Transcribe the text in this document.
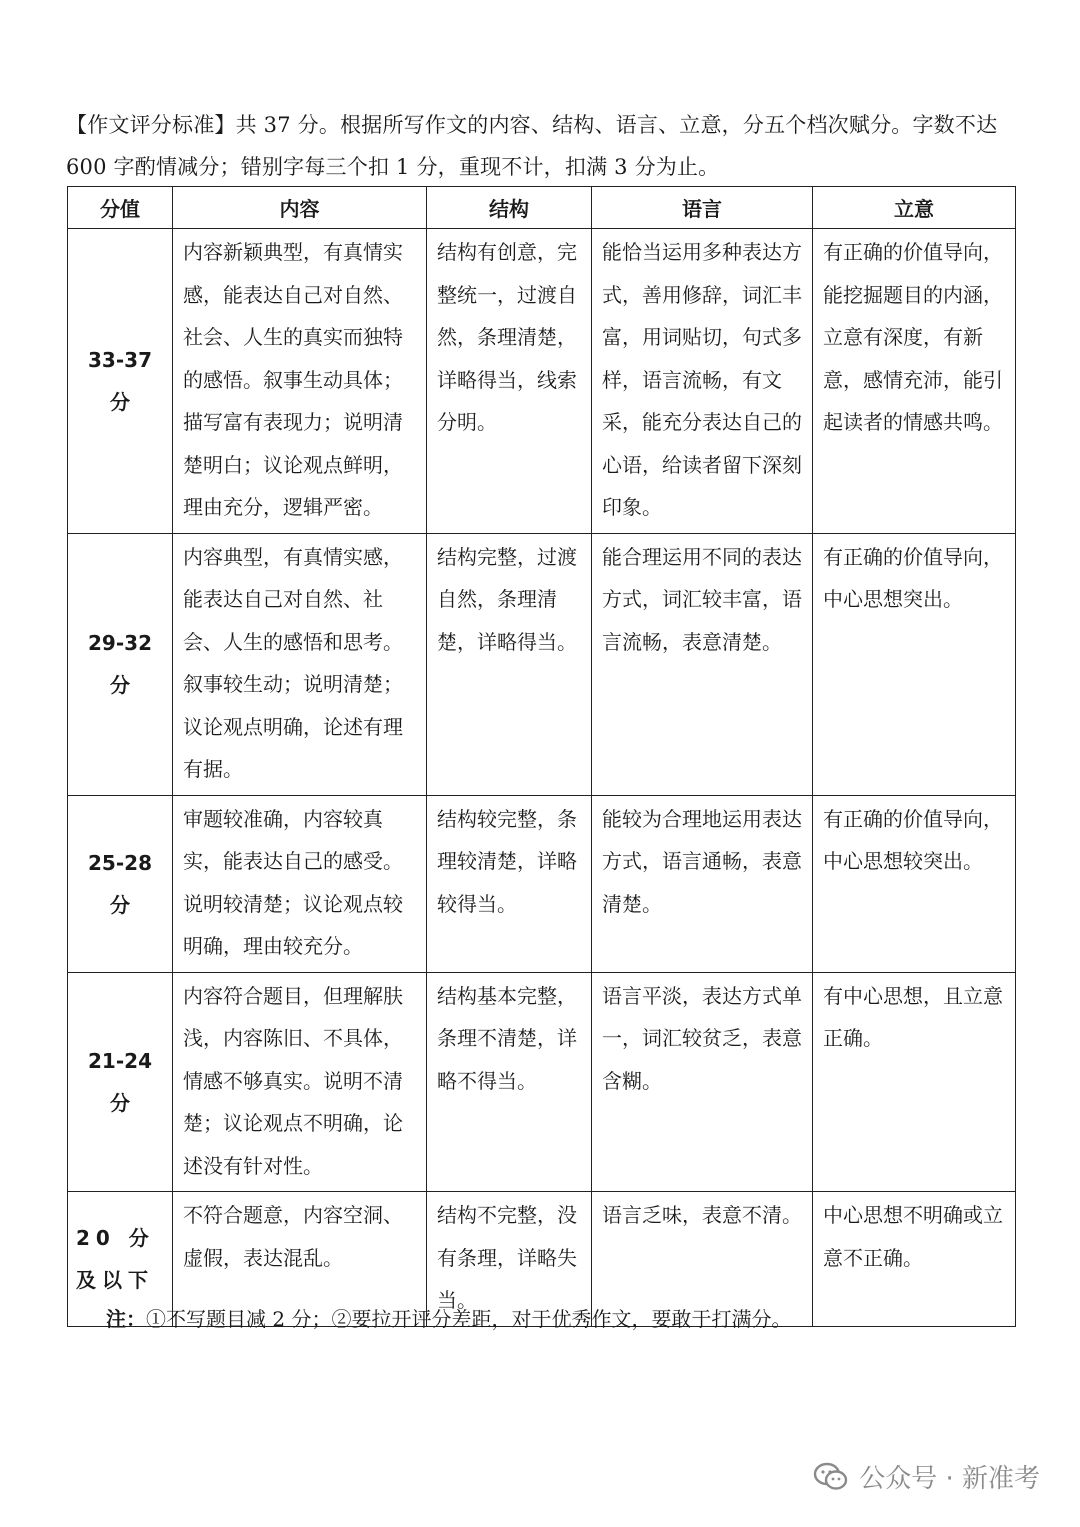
【作文评分标准】共 37 分。根据所写作文的内容、结构、语言、立意，分五个档次赋分。字数不达 600 字酌情减分；错别字每三个扣 1 分，重现不计，扣满 3 分为止。
分值	内容	结构	语言	立意
33-37 分	内容新颖典型，有真情实感，能表达自己对自然、社会、人生的真实而独特的感悟。叙事生动具体；描写富有表现力；说明清楚明白；议论观点鲜明，理由充分，逻辑严密。	结构有创意，完整统一，过渡自然，条理清楚，详略得当，线索分明。	能恰当运用多种表达方式，善用修辞，词汇丰富，用词贴切，句式多样，语言流畅，有文采，能充分表达自己的心语，给读者留下深刻印象。	有正确的价值导向，能挖掘题目的内涵，立意有深度，有新意，感情充沛，能引起读者的情感共鸣。
29-32 分	内容典型，有真情实感，能表达自己对自然、社会、人生的感悟和思考。叙事较生动；说明清楚；议论观点明确，论述有理有据。	结构完整，过渡自然，条理清楚，详略得当。	能合理运用不同的表达方式，词汇较丰富，语言流畅，表意清楚。	有正确的价值导向，中心思想突出。
25-28 分	审题较准确，内容较真实，能表达自己的感受。说明较清楚；议论观点较明确，理由较充分。	结构较完整，条理较清楚，详略较得当。	能较为合理地运用表达方式，语言通畅，表意清楚。	有正确的价值导向，中心思想较突出。
21-24 分	内容符合题目，但理解肤浅，内容陈旧、不具体，情感不够真实。说明不清楚；议论观点不明确，论述没有针对性。	结构基本完整，条理不清楚，详略不得当。	语言平淡，表达方式单一，词汇较贫乏，表意含糊。	有中心思想，且立意正确。
20 分及以下	不符合题意，内容空洞、虚假，表达混乱。	结构不完整，没有条理，详略失当。	语言乏味，表意不清。	中心思想不明确或立意不正确。
注：①不写题目减 2 分；②要拉开评分差距，对于优秀作文，要敢于打满分。
公众号 · 新准考
